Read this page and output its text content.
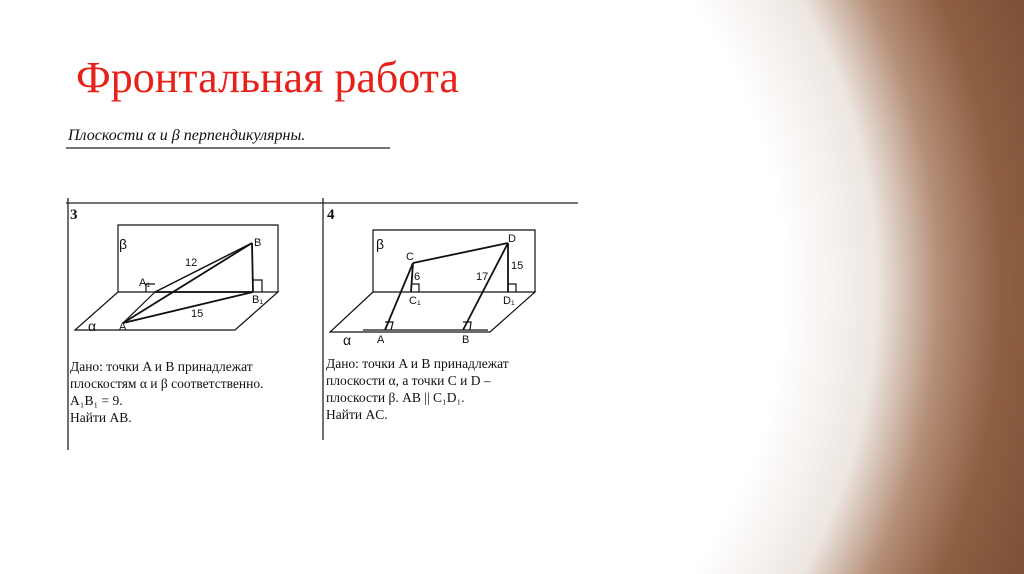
Фронтальная работа
Плоскости α и β перпендикулярны.
β
α
B
A₁
B₁
A
12
15
β
α
C
D
C₁	D₁
A	B
6	17
15
3	4
Дано: точки A и B принадлежат
плоскостям α и β соответственно.
A₁B₁ = 9.
Найти AB.
Дано: точки A и B принадлежат
плоскости α, а точки C и D –
плоскости β. AB || C₁D₁.
Найти AC.
